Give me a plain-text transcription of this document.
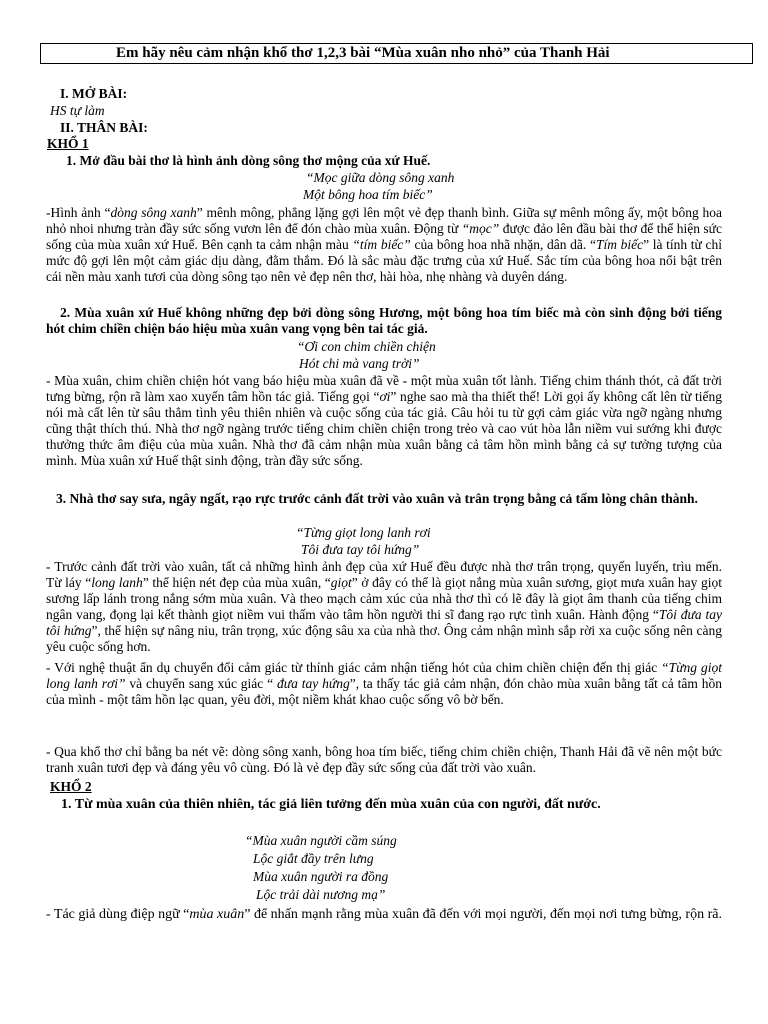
Em hãy nêu cảm nhận khổ thơ 1,2,3 bài “Mùa xuân nho nhỏ” của Thanh Hải
I. MỞ BÀI:
HS tự làm
II. THÂN BÀI:
KHỔ 1
1. Mở đầu bài thơ là hình ảnh dòng sông thơ mộng của xứ Huế.
“Mọc giữa dòng sông xanh
Một bông hoa tím biếc”

-Hình ảnh “dòng sông xanh” mênh mông, phẳng lặng gợi lên một vẻ đẹp thanh bình. Giữa sự mênh mông ấy, một bông hoa nhỏ nhoi nhưng tràn đầy sức sống vươn lên để đón chào mùa xuân. Động từ “mọc” được đảo lên đầu bài thơ để thể hiện sức sống của mùa xuân xứ Huế. Bên cạnh ta cảm nhận màu “tím biếc” của bông hoa nhã nhặn, dân dã. “Tím biếc” là tính từ chỉ mức độ gợi lên một cảm giác dịu dàng, đằm thắm. Đó là sắc màu đặc trưng của xứ Huế. Sắc tím của bông hoa nổi bật trên cái nền màu xanh tươi của dòng sông tạo nên vẻ đẹp nên thơ, hài hòa, nhẹ nhàng và duyên dáng.

2. Mùa xuân xứ Huế không những đẹp bởi dòng sông Hương, một bông hoa tím biếc mà còn sinh động bởi tiếng hót chim chiền chiện báo hiệu mùa xuân vang vọng bên tai tác giả.

“Ơi con chim chiền chiện
Hót chi mà vang trời”

- Mùa xuân, chim chiền chiện hót vang báo hiệu mùa xuân đã về - một mùa xuân tốt lành. Tiếng chim thánh thót, cả đất trời tưng bừng, rộn rã làm xao xuyến tâm hồn tác giả. Tiếng gọi “ơi” nghe sao mà tha thiết thế! Lời gọi ấy không cất lên từ tiếng nói mà cất lên từ sâu thẳm tình yêu thiên nhiên và cuộc sống của tác giả. Câu hỏi tu từ gợi cảm giác vừa ngỡ ngàng nhưng cũng thật thích thú. Nhà thơ ngỡ ngàng trước tiếng chim chiền chiện trong trẻo và cao vút hòa lẫn niềm vui sướng khi được thưởng thức âm điệu của mùa xuân. Nhà thơ đã cảm nhận mùa xuân bằng cả tâm hồn mình bằng cả sự tưởng tượng của mình. Mùa xuân xứ Huế thật sinh động, tràn đầy sức sống.

3. Nhà thơ say sưa, ngây ngất, rạo rực trước cảnh đất trời vào xuân và trân trọng bằng cả tấm lòng chân thành.

“Từng giọt long lanh rơi
Tôi đưa tay tôi hứng”

- Trước cảnh đất trời vào xuân, tất cả những hình ảnh đẹp của xứ Huế đều được nhà thơ trân trọng, quyến luyến, trìu mến. Từ láy “long lanh” thể hiện nét đẹp của mùa xuân, “giọt” ở đây có thể là giọt nắng mùa xuân sương, giọt mưa xuân hay giọt sương lấp lánh trong nắng sớm mùa xuân. Và theo mạch cảm xúc của nhà thơ thì có lẽ đây là giọt âm thanh của tiếng chim ngân vang, đọng lại kết thành giọt niềm vui thấm vào tâm hồn người thi sĩ đang rạo rực tình xuân. Hành động “Tôi đưa tay tôi hứng”, thể hiện sự nâng niu, trân trọng, xúc động sâu xa của nhà thơ. Ông cảm nhận mình sắp rời xa cuộc sống nên càng yêu cuộc sống hơn.

- Với nghệ thuật ẩn dụ chuyển đổi cảm giác từ thính giác cảm nhận tiếng hót của chim chiền chiện đến thị giác “Từng giọt long lanh rơi” và chuyển sang xúc giác “ đưa tay hứng”, ta thấy tác giả cảm nhận, đón chào mùa xuân bằng tất cả tâm hồn của mình - một tâm hồn lạc quan, yêu đời, một niềm khát khao cuộc sống vô bờ bến.

- Qua khổ thơ chỉ bằng ba nét vẽ: dòng sông xanh, bông hoa tím biếc, tiếng chim chiền chiện, Thanh Hải đã vẽ nên một bức tranh xuân tươi đẹp và đáng yêu vô cùng. Đó là vẻ đẹp đầy sức sống của đất trời vào xuân.

KHỔ 2
1. Từ mùa xuân của thiên nhiên, tác giả liên tưởng đến mùa xuân của con người, đất nước.
“Mùa xuân người cầm súng
Lộc giắt đầy trên lưng
Mùa xuân người ra đồng
Lộc trải dài nương mạ”

- Tác giả dùng điệp ngữ “mùa xuân” để nhấn mạnh rằng mùa xuân đã đến với mọi người, đến mọi nơi tưng bừng, rộn rã.
